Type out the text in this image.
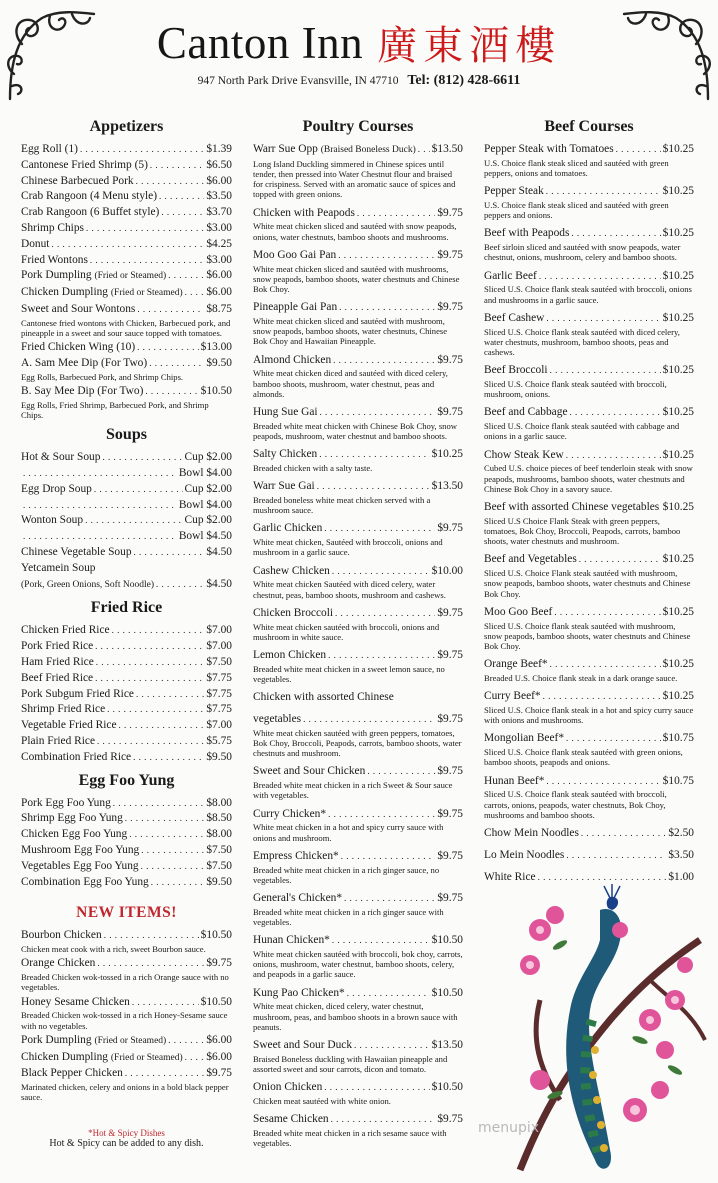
Canton Inn 廣東酒樓
947 North Park Drive Evansville, IN 47710 Tel: (812) 428-6611
Appetizers
Egg Roll (1) . . .	$1.39
Cantonese Fried Shrimp (5) . . .	$6.50
Chinese Barbecued Pork . . .	$6.00
Crab Rangoon (4 Menu style) . . .	$3.50
Crab Rangoon (6 Buffet style) . . .	$3.70
Shrimp Chips . . .	$3.00
Donut . . .	$4.25
Fried Wontons . . .	$3.00
Pork Dumpling (Fried or Steamed) . . .	$6.00
Chicken Dumpling (Fried or Steamed) . . . $6.00
Sweet and Sour Wontons . . .	$8.75
Cantonese fried wontons with Chicken, Barbecued pork, and pineapple in a sweet and sour sauce topped with tomatoes.
Fried Chicken Wing (10) . . .	$13.00
A. Sam Mee Dip (For Two) . . .	$9.50
Egg Rolls, Barbecued Pork, and Shrimp Chips.
B. Say Mee Dip (For Two) . . .	$10.50
Egg Rolls, Fried Shrimp, Barbecued Pork, and Shrimp Chips.
Soups
Hot & Sour Soup . . .	Cup $2.00
. . .
Bowl $4.00
Egg Drop Soup . . .	Cup $2.00
. . .
Bowl $4.00
Wonton Soup . . .	Cup $2.00
. . .
Bowl $4.50
Chinese Vegetable Soup . . .	$4.50
Yetcamein Soup
(Pork, Green Onions, Soft Noodle) . . .	$4.50
Fried Rice
Chicken Fried Rice . . .	$7.00
Pork Fried Rice . . .	$7.00
Ham Fried Rice . . .	$7.50
Beef Fried Rice . . .	$7.75
Pork Subgum Fried Rice . . .	$7.75
Shrimp Fried Rice . . .	$7.75
Vegetable Fried Rice . . .	$7.00
Plain Fried Rice . . .	$5.75
Combination Fried Rice . . .	$9.50
Egg Foo Yung
Pork Egg Foo Yung . . .	$8.00
Shrimp Egg Foo Yung . . .	$8.50
Chicken Egg Foo Yung . . .	$8.00
Mushroom Egg Foo Yung . . .	$7.50
Vegetables Egg Foo Yung . . .	$7.50
Combination Egg Foo Yung . . .	$9.50
NEW ITEMS!
Bourbon Chicken . . .	$10.50
Chicken meat cook with a rich, sweet Bourbon sauce.
Orange Chicken . . .	$9.75
Breaded Chicken wok-tossed in a rich Orange sauce with no vegetables.
Honey Sesame Chicken . . .	$10.50
Breaded Chicken wok-tossed in a rich Honey-Sesame sauce with no vegetables.
Pork Dumpling (Fried or Steamed) . . .	$6.00
Chicken Dumpling (Fried or Steamed) . . . $6.00
Black Pepper Chicken . . .	$9.75
Marinated chicken, celery and onions in a bold black pepper sauce.
*Hot & Spicy Dishes
Hot & Spicy can be added to any dish.
Poultry Courses
Warr Sue Opp (Braised Boneless Duck) . . . $13.50
Long Island Duckling simmered in Chinese spices until tender, then pressed into Water Chestnut flour and braised for crispiness. Served with an aromatic sauce of spices and topped with green onions.
Chicken with Peapods . . .	$9.75
White meat chicken sliced and sautéed with snow peapods, onions, water chestnuts, bamboo shoots and mushrooms.
Moo Goo Gai Pan . . .	$9.75
White meat chicken sliced and sautéed with mushrooms, snow peapods, bamboo shoots, water chestnuts and Chinese Bok Choy.
Pineapple Gai Pan . . .	$9.75
White meat chicken sliced and sautéed with mushroom, snow peapods, bamboo shoots, water chestnuts, Chinese Bok Choy and Hawaiian Pineapple.
Almond Chicken . . .	$9.75
White meat chicken diced and sautéed with diced celery, bamboo shoots, mushroom, water chestnut, peas and almonds.
Hung Sue Gai . . .	$9.75
Breaded white meat chicken with Chinese Bok Choy, snow peapods, mushroom, water chestnut and bamboo shoots.
Salty Chicken . . .	$10.25
Breaded chicken with a salty taste.
Warr Sue Gai . . .	$13.50
Breaded boneless white meat chicken served with a mushroom sauce.
Garlic Chicken . . .	$9.75
White meat chicken, Sautéed with broccoli, onions and mushroom in a garlic sauce.
Cashew Chicken . . .	$10.00
White meat chicken Sautéed with diced celery, water chestnut, peas, bamboo shoots, mushroom and cashews.
Chicken Broccoli . . .	$9.75
White meat chicken sautéed with broccoli, onions and mushroom in white sauce.
Lemon Chicken . . .	$9.75
Breaded white meat chicken in a sweet lemon sauce, no vegetables.
Chicken with assorted Chinese
vegetables . . .	$9.75
White meat chicken sautéed with green peppers, tomatoes, Bok Choy, Broccoli, Peapods, carrots, bamboo shoots, water chestnuts and mushroom.
Sweet and Sour Chicken . . .	$9.75
Breaded white meat chicken in a rich Sweet & Sour sauce with vegetables.
Curry Chicken* . . .	$9.75
White meat chicken in a hot and spicy curry sauce with onions and mushroom.
Empress Chicken* . . .	$9.75
Breaded white meat chicken in a rich ginger sauce, no vegetables.
General's Chicken* . . .	$9.75
Breaded white meat chicken in a rich ginger sauce with vegetables.
Hunan Chicken* . . .	$10.50
White meat chicken sautéed with broccoli, bok choy, carrots, onions, mushroom, water chestnut, bamboo shoots, celery, and peapods in a garlic sauce.
Kung Pao Chicken* . . .	$10.50
White meat chicken, diced celery, water chestnut, mushroom, peas, and bamboo shoots in a brown sauce with peanuts.
Sweet and Sour Duck . . .	$13.50
Braised Boneless duckling with Hawaiian pineapple and assorted sweet and sour carrots, dicon and tomato.
Onion Chicken . . .	$10.50
Chicken meat sautéed with white onion.
Sesame Chicken . . .	$9.75
Breaded white meat chicken in a rich sesame sauce with vegetables.
Beef Courses
Pepper Steak with Tomatoes . . .	$10.25
U.S. Choice flank steak sliced and sautéed with green peppers, onions and tomatoes.
Pepper Steak . . .	$10.25
U.S. Choice flank steak sliced and sautéed with green peppers and onions.
Beef with Peapods . . .	$10.25
Beef sirloin sliced and sautéed with snow peapods, water chestnut, onions, mushroom, celery and bamboo shoots.
Garlic Beef . . .	$10.25
Sliced U.S. Choice flank steak sautéed with broccoli, onions and mushrooms in a garlic sauce.
Beef Cashew . . .	$10.25
Sliced U.S. Choice flank steak sautéed with diced celery, water chestnuts, mushroom, bamboo shoots, peas and cashews.
Beef Broccoli . . .	$10.25
Sliced U.S. Choice flank steak sautéed with broccoli, mushroom, onions.
Beef and Cabbage . . .	$10.25
Sliced U.S. Choice flank steak sautéed with cabbage and onions in a garlic sauce.
Chow Steak Kew . . .	$10.25
Cubed U.S. choice pieces of beef tenderloin steak with snow peapods, mushrooms, bamboo shoots, water chestnuts and Chinese Bok Choy in a savory sauce.
Beef with assorted Chinese vegetables $10.25
Sliced U.S Choice Flank Steak with green peppers, tomatoes, Bok Choy, Broccoli, Peapods, carrots, bamboo shoots, water chestnuts and mushroom.
Beef and Vegetables . . .	$10.25
Sliced U.S. Choice Flank steak sautéed with mushroom, snow peapods, bamboo shoots, water chestnuts and Chinese Bok Choy.
Moo Goo Beef . . .	$10.25
Sliced U.S. Choice flank steak sautéed with mushroom, snow peapods, bamboo shoots, water chestnuts and Chinese Bok Choy.
Orange Beef* . . .	$10.25
Breaded U.S. Choice flank steak in a dark orange sauce.
Curry Beef* . . .	$10.25
Sliced U.S. Choice flank steak in a hot and spicy curry sauce with onions and mushrooms.
Mongolian Beef* . . .	$10.75
Sliced U.S. Choice flank steak sautéed with green onions, bamboo shoots, peapods and onions.
Hunan Beef* . . .	$10.75
Sliced U.S. Choice flank steak sautéed with broccoli, carrots, onions, peapods, water chestnuts, Bok Choy, mushrooms and bamboo shoots.
Chow Mein Noodles . . .	$2.50
Lo Mein Noodles . . .	$3.50
White Rice . . .	$1.00
menupix
